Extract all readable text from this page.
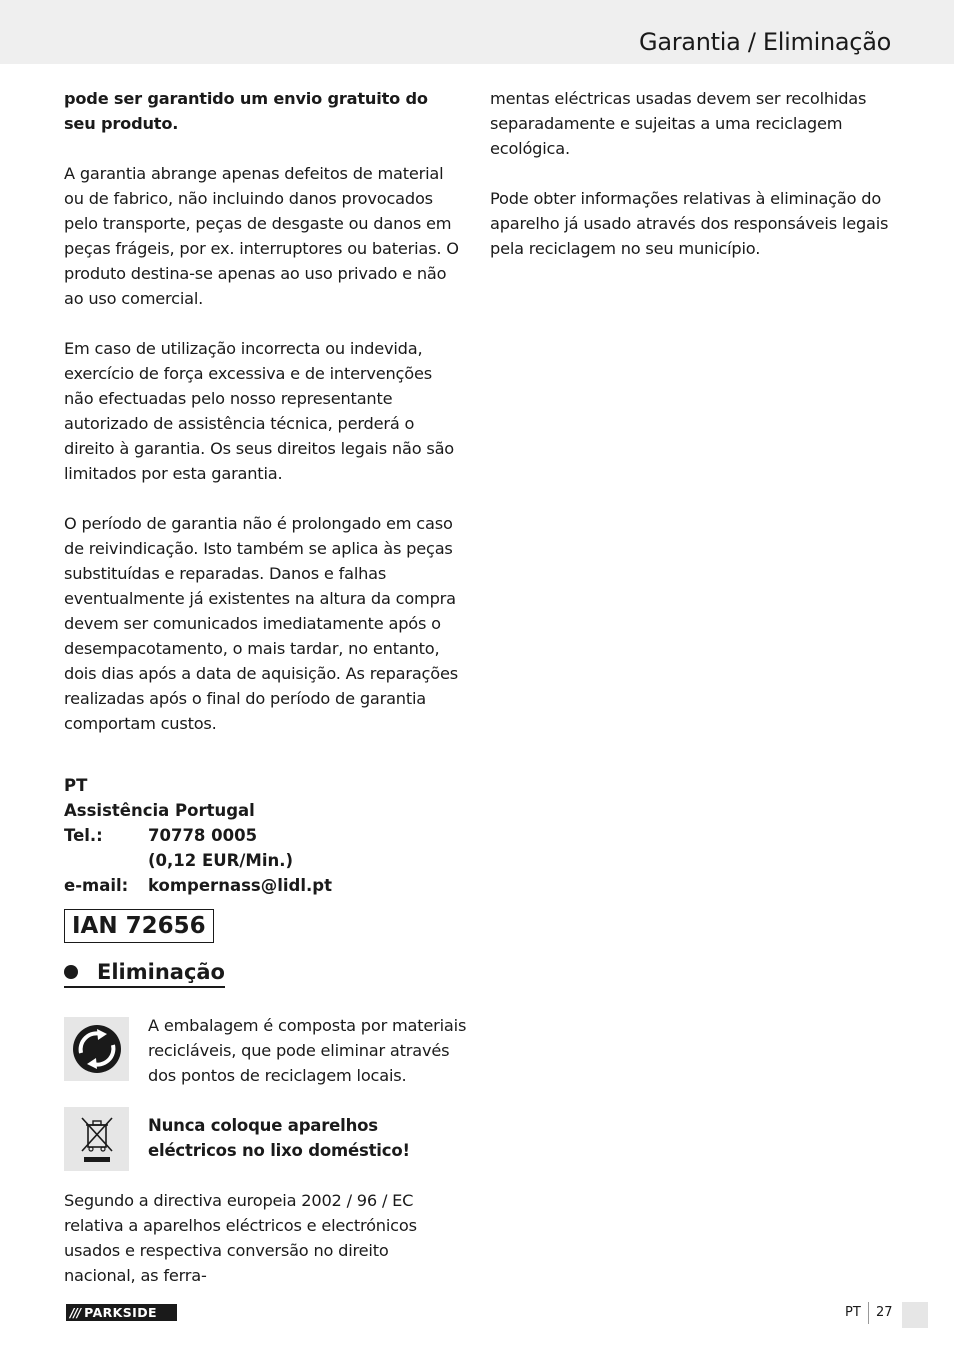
Garantia / Eliminação

pode ser garantido um envio gratuito do seu produto.

A garantia abrange apenas defeitos de material ou de fabrico, não incluindo danos provocados pelo transporte, peças de desgaste ou danos em peças frágeis, por ex. interruptores ou baterias. O produto destina-se apenas ao uso privado e não ao uso comercial.

Em caso de utilização incorrecta ou indevida, exercício de força excessiva e de intervenções não efectuadas pelo nosso representante autorizado de assistência técnica, perderá o direito à garantia. Os seus direitos legais não são limitados por esta garantia.

O período de garantia não é prolongado em caso de reivindicação. Isto também se aplica às peças substituídas e reparadas. Danos e falhas eventualmente já existentes na altura da compra devem ser comunicados imediatamente após o desempacotamento, o mais tardar, no entanto, dois dias após a data de aquisição. As reparações realizadas após o final do período de garantia comportam custos.

PT
Assistência Portugal
Tel.:	70778 0005
(0,12 EUR/Min.)
e-mail:	kompernass@lidl.pt
IAN 72656
Eliminação
A embalagem é composta por materiais recicláveis, que pode eliminar através dos pontos de reciclagem locais.
Nunca coloque aparelhos eléctricos no lixo doméstico!
Segundo a directiva europeia 2002 / 96 / EC relativa a aparelhos eléctricos e electrónicos usados e respectiva conversão no direito nacional, as ferra-

mentas eléctricas usadas devem ser recolhidas separadamente e sujeitas a uma reciclagem ecológica.

Pode obter informações relativas à eliminação do aparelho já usado através dos responsáveis legais pela reciclagem no seu município.

/// PARKSIDE	PT 27
